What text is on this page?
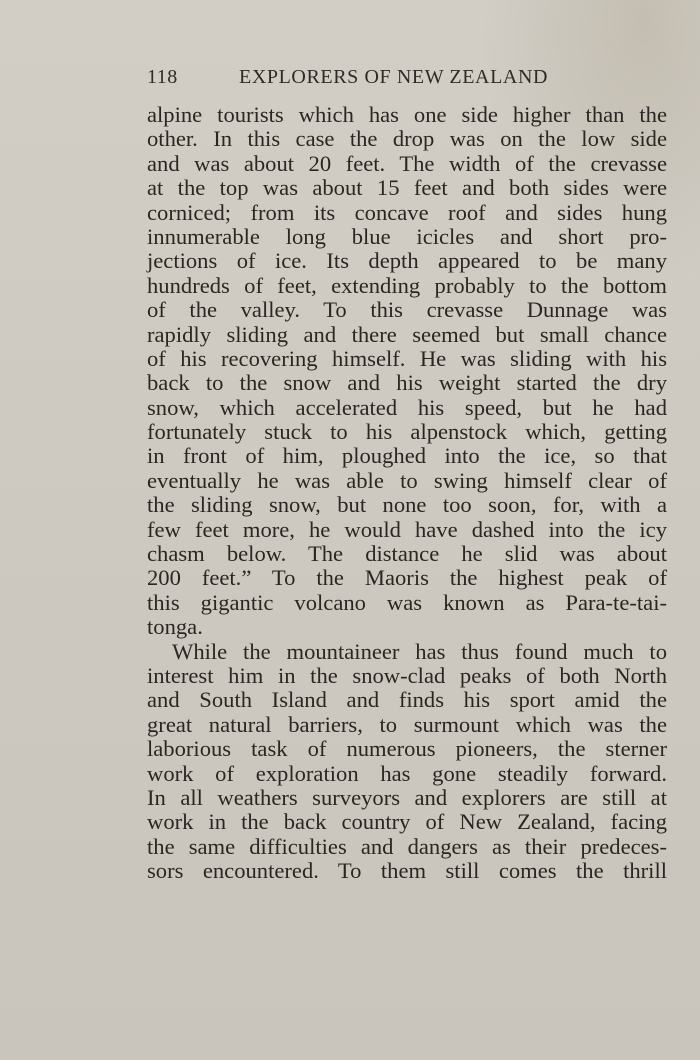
118	EXPLORERS OF NEW ZEALAND
alpine tourists which has one side higher than the
other. In this case the drop was on the low side
and was about 20 feet. The width of the crevasse
at the top was about 15 feet and both sides were
corniced; from its concave roof and sides hung
innumerable long blue icicles and short pro-
jections of ice. Its depth appeared to be many
hundreds of feet, extending probably to the bottom
of the valley. To this crevasse Dunnage was
rapidly sliding and there seemed but small chance
of his recovering himself. He was sliding with his
back to the snow and his weight started the dry
snow, which accelerated his speed, but he had
fortunately stuck to his alpenstock which, getting
in front of him, ploughed into the ice, so that
eventually he was able to swing himself clear of
the sliding snow, but none too soon, for, with a
few feet more, he would have dashed into the icy
chasm below. The distance he slid was about
200 feet.” To the Maoris the highest peak of
this gigantic volcano was known as Para-te-tai-
tonga.
While the mountaineer has thus found much to
interest him in the snow-clad peaks of both North
and South Island and finds his sport amid the
great natural barriers, to surmount which was the
laborious task of numerous pioneers, the sterner
work of exploration has gone steadily forward.
In all weathers surveyors and explorers are still at
work in the back country of New Zealand, facing
the same difficulties and dangers as their predeces-
sors encountered. To them still comes the thrill
